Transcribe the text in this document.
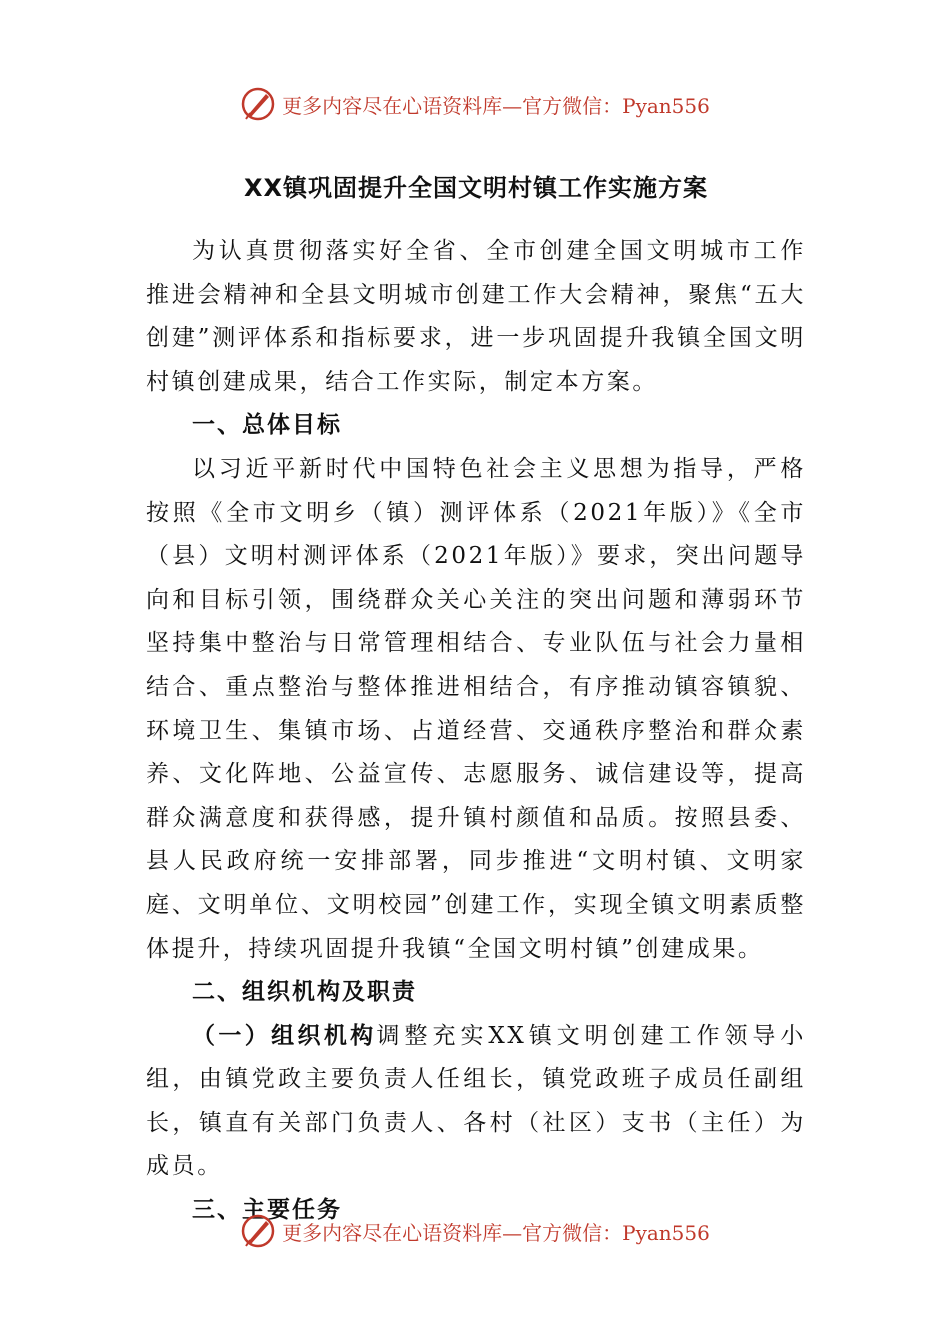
更多内容尽在心语资料库—官方微信：Pyan556
XX镇巩固提升全国文明村镇工作实施方案

为认真贯彻落实好全省、全市创建全国文明城市工作推进会精神和全县文明城市创建工作大会精神，聚焦“五大创建”测评体系和指标要求，进一步巩固提升我镇全国文明村镇创建成果，结合工作实际，制定本方案。

一、总体目标

以习近平新时代中国特色社会主义思想为指导，严格按照《全市文明乡（镇）测评体系（2021年版）》《全市（县）文明村测评体系（2021年版）》要求，突出问题导向和目标引领，围绕群众关心关注的突出问题和薄弱环节坚持集中整治与日常管理相结合、专业队伍与社会力量相结合、重点整治与整体推进相结合，有序推动镇容镇貌、环境卫生、集镇市场、占道经营、交通秩序整治和群众素养、文化阵地、公益宣传、志愿服务、诚信建设等，提高群众满意度和获得感，提升镇村颜值和品质。按照县委、县人民政府统一安排部署，同步推进“文明村镇、文明家庭、文明单位、文明校园”创建工作，实现全镇文明素质整体提升，持续巩固提升我镇“全国文明村镇”创建成果。

二、组织机构及职责

（一）组织机构调整充实XX镇文明创建工作领导小组，由镇党政主要负责人任组长，镇党政班子成员任副组长，镇直有关部门负责人、各村（社区）支书（主任）为成员。

三、主要任务

更多内容尽在心语资料库—官方微信：Pyan556
